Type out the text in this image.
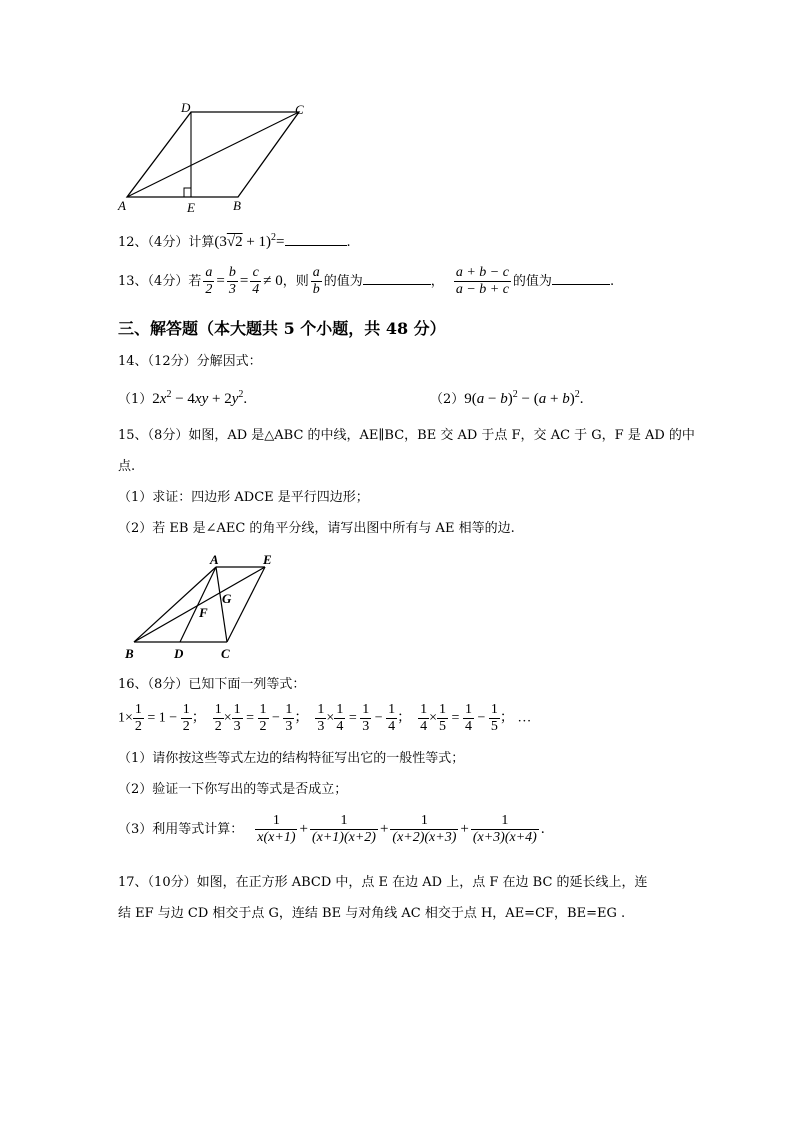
D	C
A	E	B
12、（4分）计算$(3√2 + 1)^2=$	.
13、（4分）若 $\frac{a}{2} = \frac{b}{3} = \frac{c}{4} \ne 0$，则 $\frac{a}{b}$ 的值为	， $\frac{a + b - c}{a - b + c}$ 的值为	.
三、解答题（本大题共 5 个小题，共 48 分）
14、（12分）分解因式：
$(1)2x^2 - 4xy + 2y^2$.	$(2)9(a - b)^2 - (a + b)^2$.
15、（8分）如图，AD 是△ABC 的中线，AE∥BC，BE 交 AD 于点 F，交 AC 于 G，F 是 AD 的中
点.
（1）求证：四边形 ADCE 是平行四边形；
（2）若 EB 是∠AEC 的角平分线，请写出图中所有与 AE 相等的边.
A	E
G
F
B	D	C
16、（8分）已知下面一列等式：
$1\times \frac{1}{2} = 1 - \frac{1}{2}$ ； $\frac{1}{2} \times \frac{1}{3} = \frac{1}{2} - \frac{1}{3}$ ； $\frac{1}{3} \times \frac{1}{4} = \frac{1}{3} - \frac{1}{4}$ ； $\frac{1}{4} \times \frac{1}{5} = \frac{1}{4} - \frac{1}{5}$ ； …
（1）请你按这些等式左边的结构特征写出它的一般性等式；
（2）验证一下你写出的等式是否成立；
（3）利用等式计算： $\frac{1}{x(x+1)} + \frac{1}{(x+1)(x+2)} + \frac{1}{(x+2)(x+3)} + \frac{1}{(x+3)(x+4)}$ .
17、（10分）如图，在正方形 ABCD 中，点 E 在边 AD 上，点 F 在边 BC 的延长线上，连
结 EF 与边 CD 相交于点 G，连结 BE 与对角线 AC 相交于点 H，AE=CF，BE=EG .
